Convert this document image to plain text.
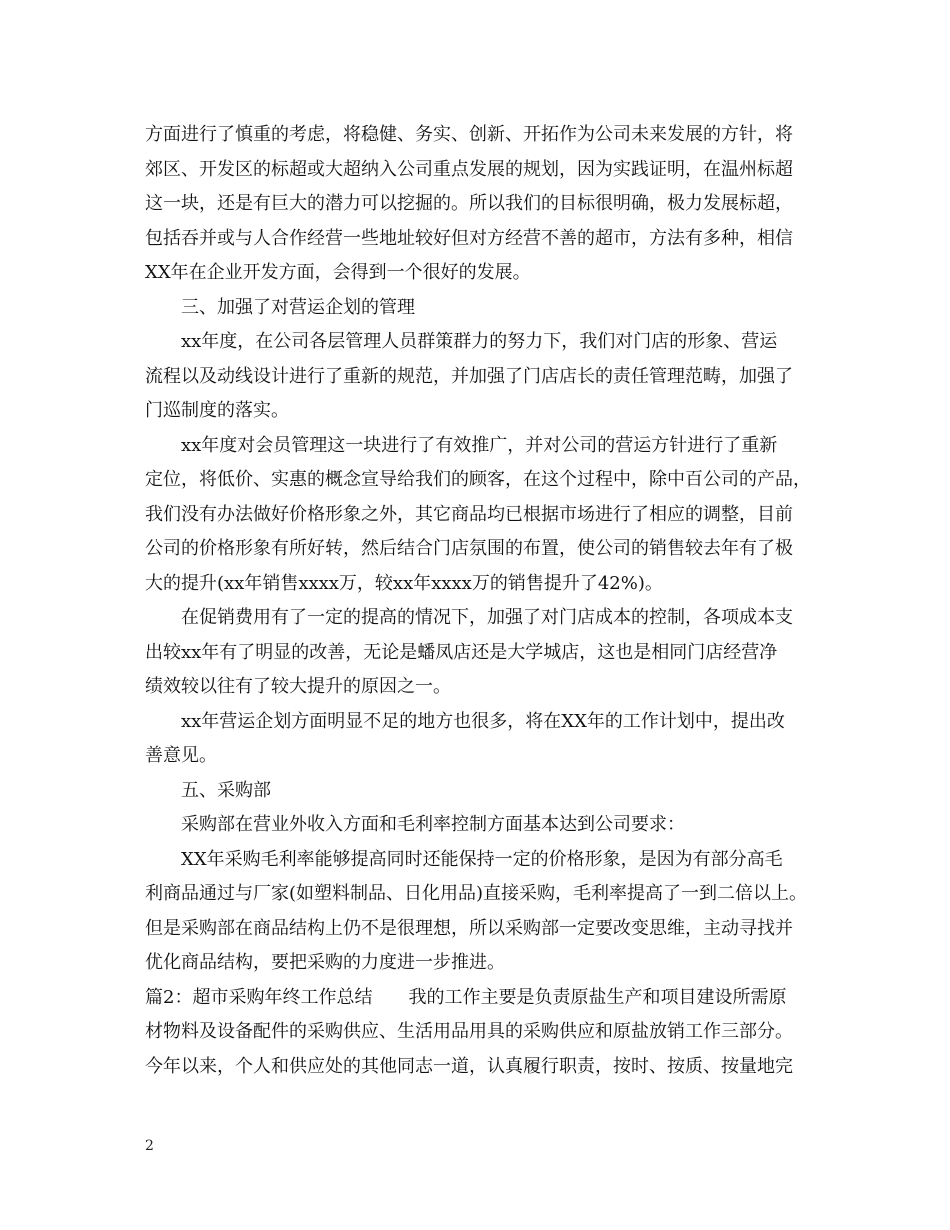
方面进行了慎重的考虑，将稳健、务实、创新、开拓作为公司未来发展的方针，将

郊区、开发区的标超或大超纳入公司重点发展的规划，因为实践证明，在温州标超

这一块，还是有巨大的潜力可以挖掘的。所以我们的目标很明确，极力发展标超，

包括吞并或与人合作经营一些地址较好但对方经营不善的超市，方法有多种，相信

XX年在企业开发方面，会得到一个很好的发展。

三、加强了对营运企划的管理

xx年度，在公司各层管理人员群策群力的努力下，我们对门店的形象、营运

流程以及动线设计进行了重新的规范，并加强了门店店长的责任管理范畴，加强了

门巡制度的落实。

xx年度对会员管理这一块进行了有效推广，并对公司的营运方针进行了重新

定位，将低价、实惠的概念宣导给我们的顾客，在这个过程中，除中百公司的产品，

我们没有办法做好价格形象之外，其它商品均已根据市场进行了相应的调整，目前

公司的价格形象有所好转，然后结合门店氛围的布置，使公司的销售较去年有了极

大的提升(xx年销售xxxx万，较xx年xxxx万的销售提升了42%)。

在促销费用有了一定的提高的情况下，加强了对门店成本的控制，各项成本支

出较xx年有了明显的改善，无论是蟠凤店还是大学城店，这也是相同门店经营净

绩效较以往有了较大提升的原因之一。

xx年营运企划方面明显不足的地方也很多，将在XX年的工作计划中，提出改

善意见。

五、采购部

采购部在营业外收入方面和毛利率控制方面基本达到公司要求：

XX年采购毛利率能够提高同时还能保持一定的价格形象，是因为有部分高毛

利商品通过与厂家(如塑料制品、日化用品)直接采购，毛利率提高了一到二倍以上。

但是采购部在商品结构上仍不是很理想，所以采购部一定要改变思维，主动寻找并

优化商品结构，要把采购的力度进一步推进。

篇2：超市采购年终工作总结　　我的工作主要是负责原盐生产和项目建设所需原

材物料及设备配件的采购供应、生活用品用具的采购供应和原盐放销工作三部分。

今年以来，个人和供应处的其他同志一道，认真履行职责，按时、按质、按量地完

2
